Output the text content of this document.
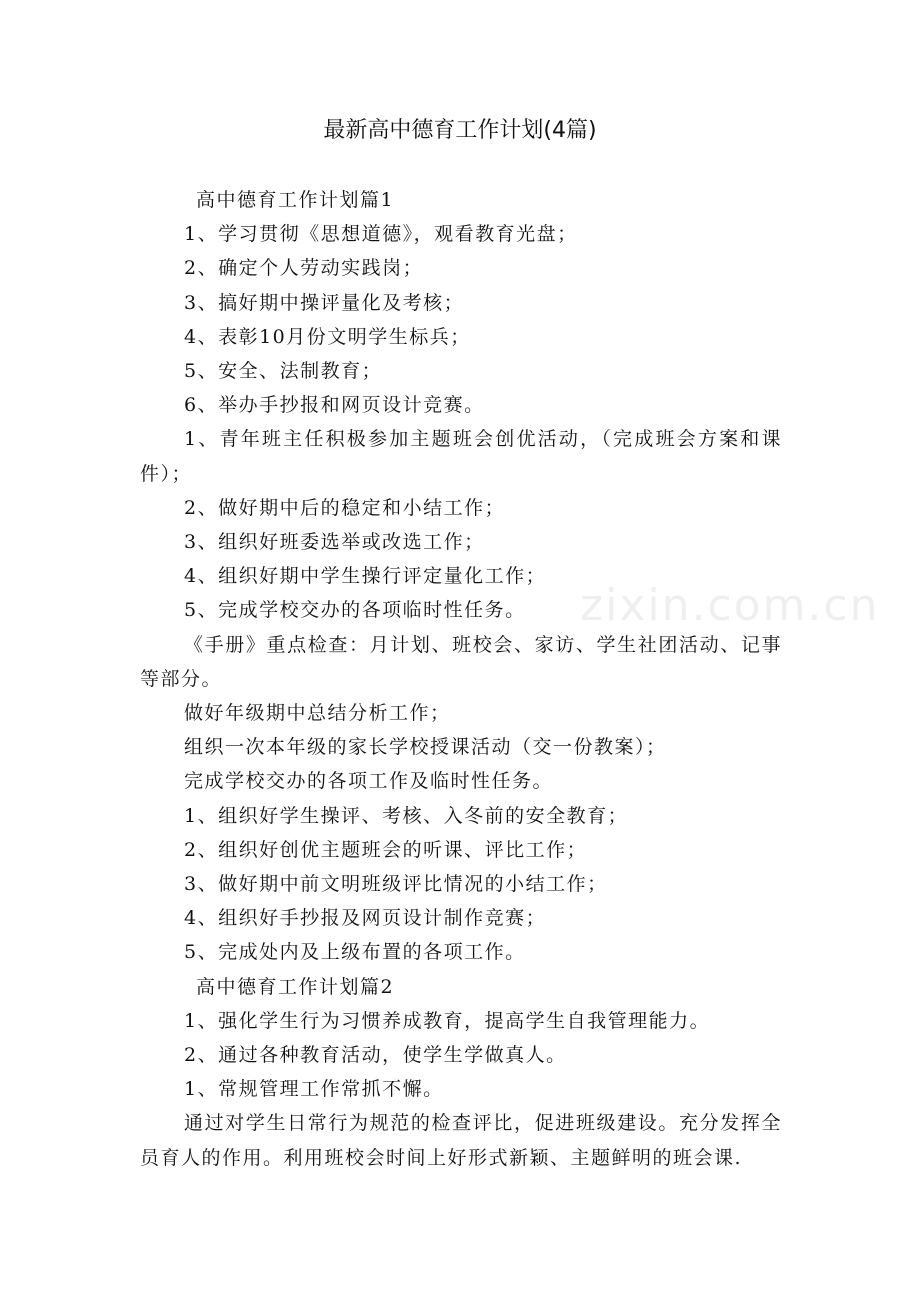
最新高中德育工作计划(4篇)

高中德育工作计划篇1

1、学习贯彻《思想道德》，观看教育光盘；

2、确定个人劳动实践岗；

3、搞好期中操评量化及考核；

4、表彰10月份文明学生标兵；

5、安全、法制教育；

6、举办手抄报和网页设计竞赛。

1、青年班主任积极参加主题班会创优活动，（完成班会方案和课件）；

2、做好期中后的稳定和小结工作；

3、组织好班委选举或改选工作；

4、组织好期中学生操行评定量化工作；

5、完成学校交办的各项临时性任务。

《手册》重点检查：月计划、班校会、家访、学生社团活动、记事等部分。

做好年级期中总结分析工作；

组织一次本年级的家长学校授课活动（交一份教案）；

完成学校交办的各项工作及临时性任务。

1、组织好学生操评、考核、入冬前的安全教育；

2、组织好创优主题班会的听课、评比工作；

3、做好期中前文明班级评比情况的小结工作；

4、组织好手抄报及网页设计制作竞赛；

5、完成处内及上级布置的各项工作。

高中德育工作计划篇2

1、强化学生行为习惯养成教育，提高学生自我管理能力。

2、通过各种教育活动，使学生学做真人。

1、常规管理工作常抓不懈。

通过对学生日常行为规范的检查评比，促进班级建设。充分发挥全员育人的作用。利用班校会时间上好形式新颖、主题鲜明的班会课.

zixin.com.cn
